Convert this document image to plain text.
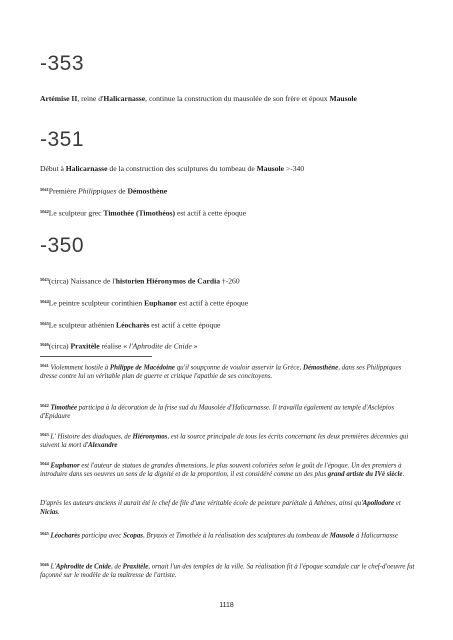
-353
Artémise II, reine d'Halicarnasse, continue la construction du mausolée de son frère et époux Mausole
-351
Début à Halicarnasse de la construction des sculptures du tombeau de Mausole >-340
$^{5041}$Première Philippiques de Démosthène
$^{5042}$Le sculpteur grec Timothée (Timothéos) est actif à cette époque
-350
$^{5043}$(circa) Naissance de l'historien Hiéronymos de Cardia †-260
$^{5044}$Le peintre sculpteur corinthien Euphanor est actif à cette époque
$^{5045}$Le sculpteur athénien Léocharès est actif à cette époque
$^{5046}$(circa) Praxitèle réalise « l'Aphrodite de Cnide »
$^{5041}$ Violemment hostile à Philippe de Macédoine qu'il soupçonne de vouloir asservir la Grèce, Démosthène, dans ses Philippiques dresse contre lui un véritable plan de guerre et critique l'apathie de ses concitoyens.
$^{5042}$ Timothée participa à la décoration de la frise sud du Mausolée d'Halicarnasse. Il travailla également au temple d'Asclépios d'Epidaure
$^{5043}$ L' Histoire des diadoques, de Hiéronymos, est la source principale de tous les écrits concernant les deux premières décennies qui suivent la mort d'Alexandre
$^{5044}$ Euphanor est l'auteur de statues de grandes dimensions, le plus souvent coloriées selon le goût de l'époque. Un des premiers à introduire dans ses oeuvres un sens de la dignité et de la proportion, il est considéré comme un des plus grand artiste du IVè siècle.
D'après les auteurs anciens il aurait été le chef de file d'une véritable école de peinture pariétale à Athènes, ainsi qu'Apollodore et Nicias.
$^{5045}$ Léocharès participa avec Scopas, Bryaxis et Timothée à la réalisation des sculptures du tombeau de Mausole à Halicarnasse
$^{5046}$ L'Aphrodite de Cnide, de Praxitèle, ornait l'un des temples de la ville. Sa réalisation fit à l'époque scandale car le chef-d'oeuvre fut façonné sur le modèle de la maîtresse de l'artiste.
1118
